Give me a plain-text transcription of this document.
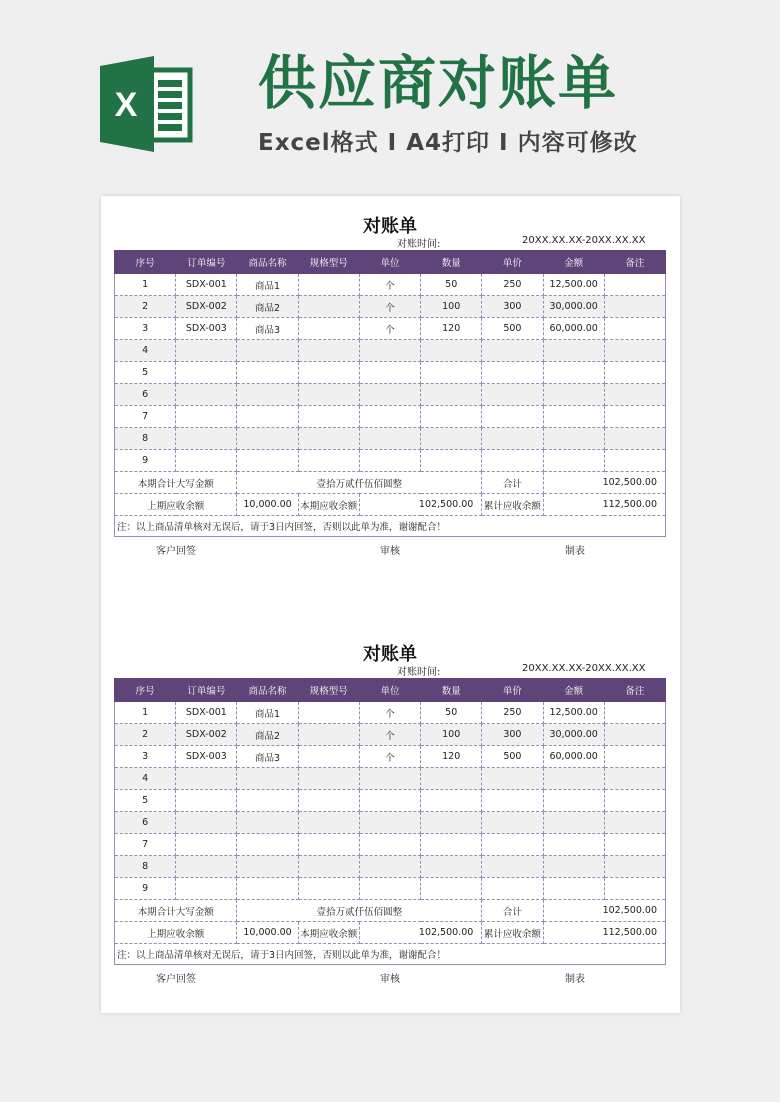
X 供应商对账单
Excel格式 I A4打印 I 内容可修改
对账单
对账时间:	20XX.XX.XX-20XX.XX.XX
序号	订单编号	商品名称	规格型号	单位	数量	单价	金额	备注
1	SDX-001	商品1		个	50	250	12,500.00	
2	SDX-002	商品2		个	100	300	30,000.00	
3	SDX-003	商品3		个	120	500	60,000.00	
4								
5								
6								
7								
8								
9								
本期合计大写金额		壹拾万贰仟伍佰圆整				合计	102,500.00	
上期应收余额		10,000.00	本期应收余额	102,500.00		累计应收余额	112,500.00	
注：以上商品清单核对无误后，请于3日内回签，否则以此单为准，谢谢配合！								
客户回签	审核	制表
对账单
对账时间:	20XX.XX.XX-20XX.XX.XX
序号	订单编号	商品名称	规格型号	单位	数量	单价	金额	备注
1	SDX-001	商品1		个	50	250	12,500.00	
2	SDX-002	商品2		个	100	300	30,000.00	
3	SDX-003	商品3		个	120	500	60,000.00	
4								
5								
6								
7								
8								
9								
本期合计大写金额		壹拾万贰仟伍佰圆整				合计	102,500.00	
上期应收余额		10,000.00	本期应收余额	102,500.00		累计应收余额	112,500.00	
注：以上商品清单核对无误后，请于3日内回签，否则以此单为准，谢谢配合！								
客户回签	审核	制表
